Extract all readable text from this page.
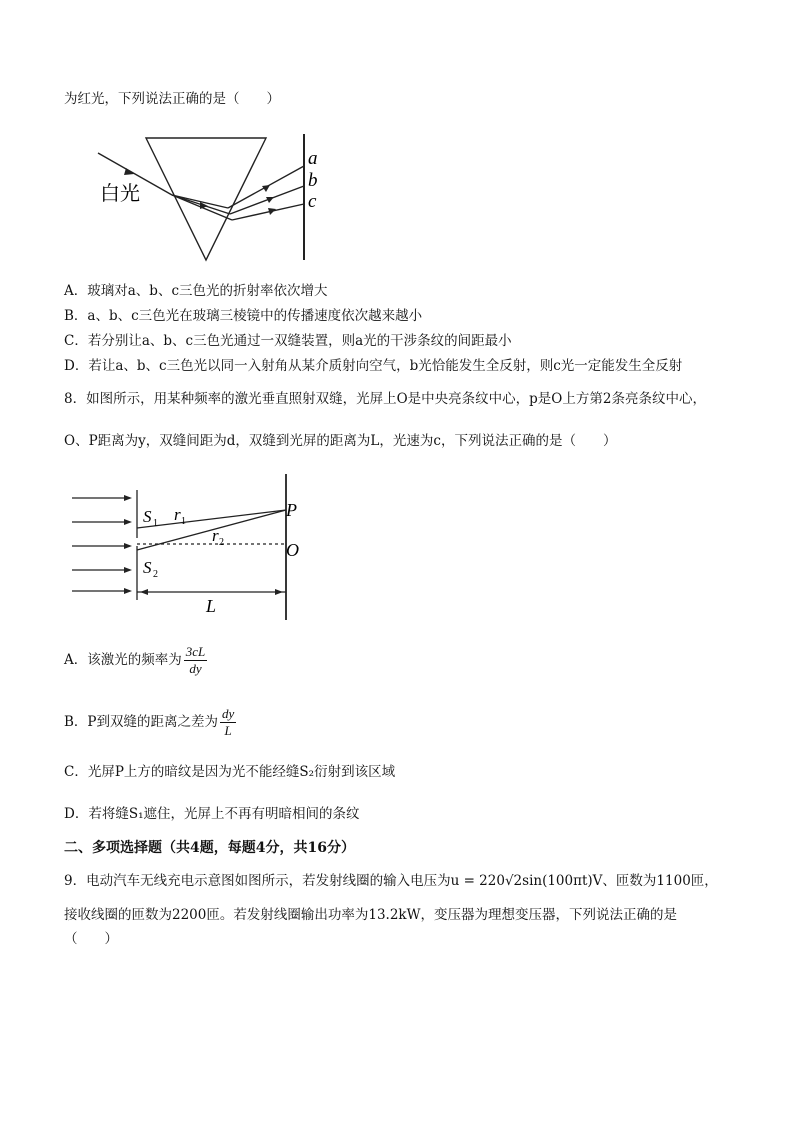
为红光，下列说法正确的是（　　）
白光
a
b
c
A．玻璃对a、b、c三色光的折射率依次增大
B．a、b、c三色光在玻璃三棱镜中的传播速度依次越来越小
C．若分别让a、b、c三色光通过一双缝装置，则a光的干涉条纹的间距最小
D．若让a、b、c三色光以同一入射角从某介质射向空气，b光恰能发生全反射，则c光一定能发生全反射
8．如图所示，用某种频率的激光垂直照射双缝，光屏上O是中央亮条纹中心，p是O上方第2条亮条纹中心，
O、P距离为y，双缝间距为d，双缝到光屏的距离为L，光速为c，下列说法正确的是（　　）
S 1
S 2
r 1
r 2
P
O
L
A．该激光的频率为 $\frac{3cL}{dy}$
B．P到双缝的距离之差为 $\frac{dy}{L}$
C．光屏P上方的暗纹是因为光不能经缝S₂衍射到该区域
D．若将缝S₁遮住，光屏上不再有明暗相间的条纹
二、多项选择题（共4题，每题4分，共16分）
9．电动汽车无线充电示意图如图所示，若发射线圈的输入电压为u = 220√2sin(100πt)V、匝数为1100匝，
接收线圈的匝数为2200匝。若发射线圈输出功率为13.2kW，变压器为理想变压器，下列说法正确的是
（　　）
